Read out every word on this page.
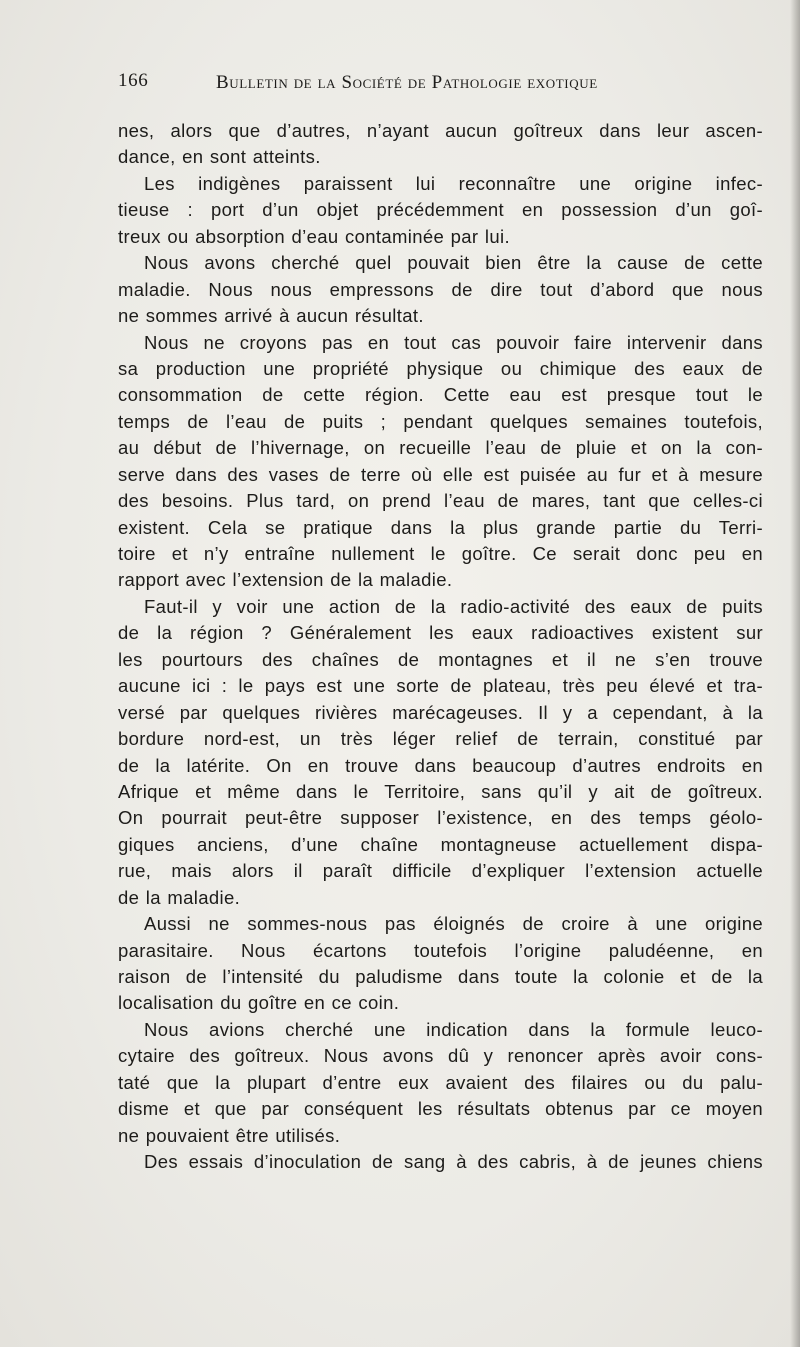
166	Bulletin de la Société de Pathologie exotique
nes, alors que d’autres, n’ayant aucun goîtreux dans leur ascen-
dance, en sont atteints.
Les indigènes paraissent lui reconnaître une origine infec-
tieuse : port d’un objet précédemment en possession d’un goî-
treux ou absorption d’eau contaminée par lui.
Nous avons cherché quel pouvait bien être la cause de cette
maladie. Nous nous empressons de dire tout d’abord que nous
ne sommes arrivé à aucun résultat.
Nous ne croyons pas en tout cas pouvoir faire intervenir dans
sa production une propriété physique ou chimique des eaux de
consommation de cette région. Cette eau est presque tout le
temps de l’eau de puits ; pendant quelques semaines toutefois,
au début de l’hivernage, on recueille l’eau de pluie et on la con-
serve dans des vases de terre où elle est puisée au fur et à mesure
des besoins. Plus tard, on prend l’eau de mares, tant que celles-ci
existent. Cela se pratique dans la plus grande partie du Terri-
toire et n’y entraîne nullement le goître. Ce serait donc peu en
rapport avec l’extension de la maladie.
Faut-il y voir une action de la radio-activité des eaux de puits
de la région ? Généralement les eaux radioactives existent sur
les pourtours des chaînes de montagnes et il ne s’en trouve
aucune ici : le pays est une sorte de plateau, très peu élevé et tra-
versé par quelques rivières marécageuses. Il y a cependant, à la
bordure nord-est, un très léger relief de terrain, constitué par
de la latérite. On en trouve dans beaucoup d’autres endroits en
Afrique et même dans le Territoire, sans qu’il y ait de goîtreux.
On pourrait peut-être supposer l’existence, en des temps géolo-
giques anciens, d’une chaîne montagneuse actuellement dispa-
rue, mais alors il paraît difficile d’expliquer l’extension actuelle
de la maladie.
Aussi ne sommes-nous pas éloignés de croire à une origine
parasitaire. Nous écartons toutefois l’origine paludéenne, en
raison de l’intensité du paludisme dans toute la colonie et de la
localisation du goître en ce coin.
Nous avions cherché une indication dans la formule leuco-
cytaire des goîtreux. Nous avons dû y renoncer après avoir cons-
taté que la plupart d’entre eux avaient des filaires ou du palu-
disme et que par conséquent les résultats obtenus par ce moyen
ne pouvaient être utilisés.
Des essais d’inoculation de sang à des cabris, à de jeunes chiens
